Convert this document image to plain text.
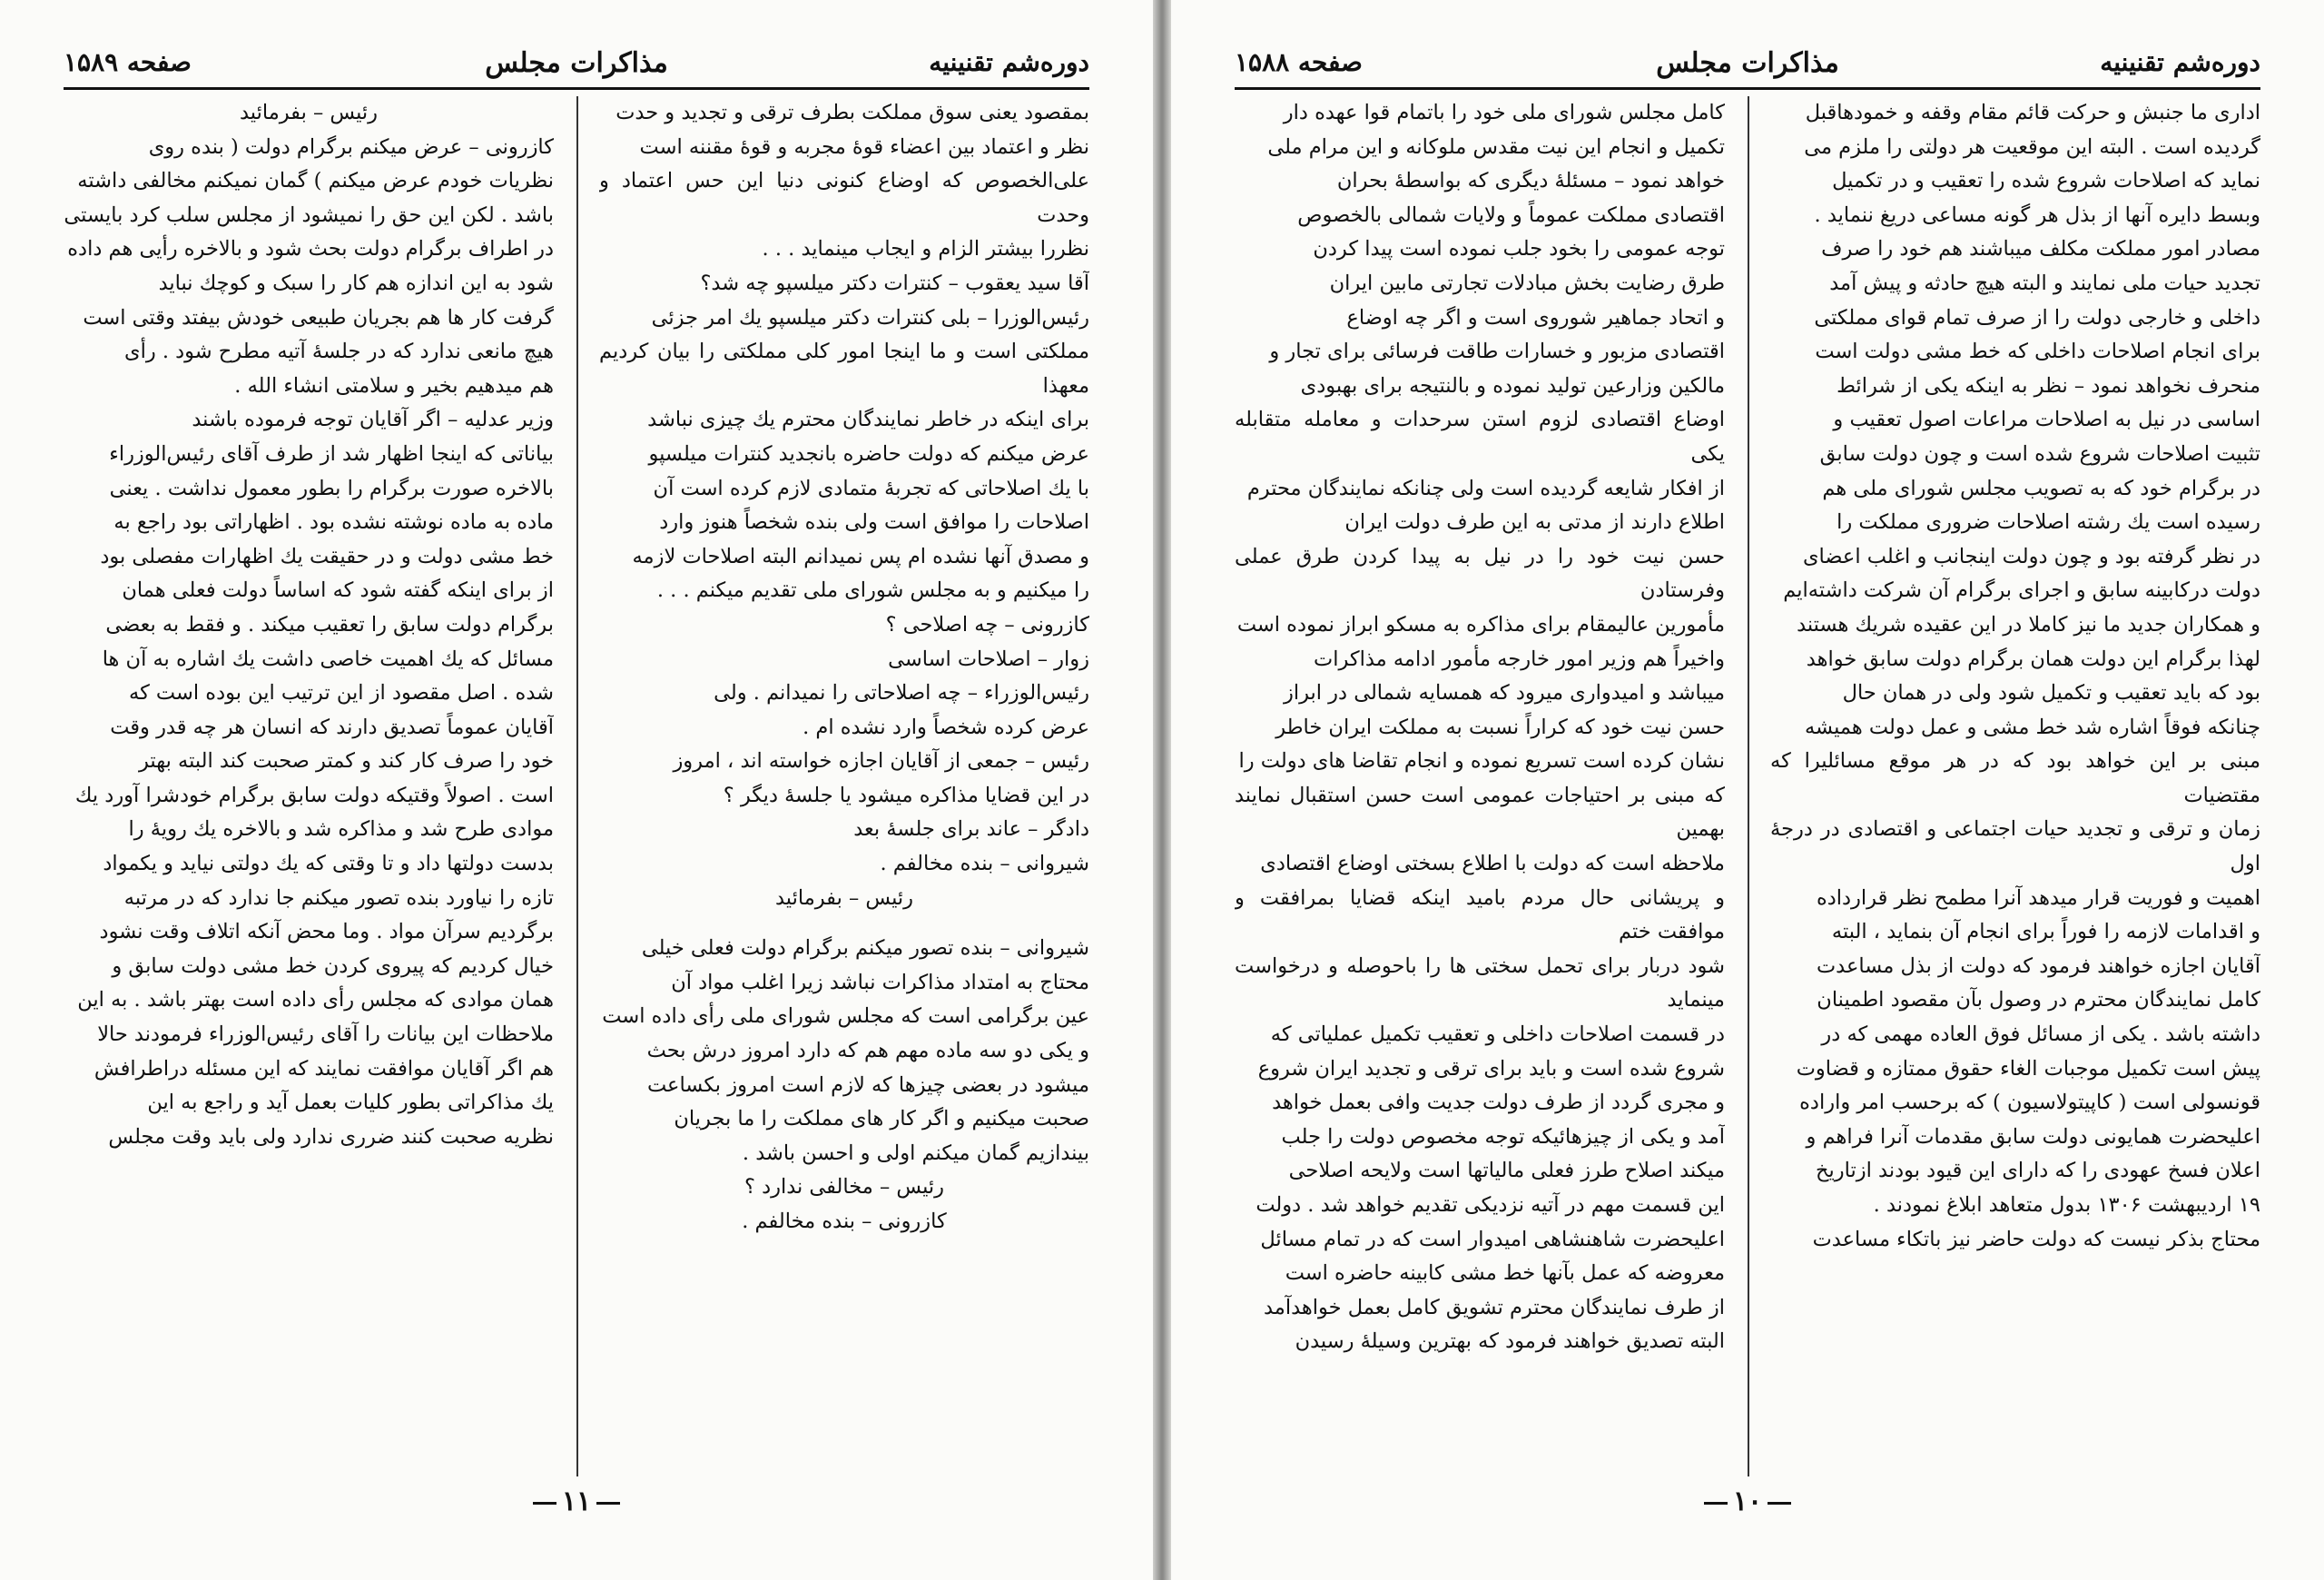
دوره‌شم تقنینیه
مذاکرات مجلس
صفحه ۱۵۸۹

بمقصود يعنی سوق مملکت بطرف ترقی و تجدید و حدت

نظر و اعتماد بین اعضاء قوهٔ مجربه و قوهٔ مقننه است

علی‌الخصوص که اوضاع کنونی دنیا این حس اعتماد و وحدت

نظررا بیشتر الزام و ایجاب مینماید . . .

آقا سید یعقوب – کنترات دکتر میلسپو چه شد؟

رئیس‌الوزرا – بلی کنترات دکتر میلسپو یك امر جزئی

مملکتی است و ما اینجا امور کلی مملکتی را بیان کردیم معهذا

برای اینکه در خاطر نمایندگان محترم یك چیزی نباشد

عرض میکنم که دولت حاضره بانجدید کنترات میلسپو

با یك اصلاحاتی که تجربهٔ متمادی لازم کرده است آن

اصلاحات را موافق است ولی بنده شخصاً هنوز وارد

و مصدق آنها نشده ام پس نمیدانم البته اصلاحات لازمه

را میکنیم و به مجلس شورای ملی تقدیم میکنم . . .

کازرونی – چه اصلاحی ؟

زوار – اصلاحات اساسی

رئیس‌الوزراء – چه اصلاحاتی را نمیدانم . ولی

عرض کرده شخصاً وارد نشده ام .

رئیس – جمعی از آقایان اجازه خواسته اند ، امروز

در این قضایا مذاکره میشود یا جلسهٔ دیگر ؟

دادگر – عاند برای جلسهٔ بعد

شیروانی – بنده مخالفم .

رئیس – بفرمائید

شیروانی – بنده تصور میکنم برگرام دولت فعلی خیلی

محتاج به امتداد مذاکرات نباشد زیرا اغلب مواد آن

عین برگرامی است که مجلس شورای ملی رأی داده است

و یکی دو سه ماده مهم هم که دارد امروز درش بحث

میشود در بعضی چیزها که لازم است امروز بکساعت

صحبت میکنیم و اگر کار های مملکت را ما بجریان

بیندازیم گمان میکنم اولی و احسن باشد .

رئیس – مخالفی ندارد ؟

کازرونی – بنده مخالفم .

رئیس – بفرمائید

کازرونی – عرض میکنم برگرام دولت ( بنده روی

نظریات خودم عرض میکنم ) گمان نمیکنم مخالفی داشته

باشد . لکن این حق را نمیشود از مجلس سلب کرد بایستی

در اطراف برگرام دولت بحث شود و بالاخره رأیی هم داده

شود به این اندازه هم کار را سبک و کوچك نباید

گرفت کار ها هم بجریان طبیعی خودش بیفتد وقتی است

هیچ مانعی ندارد که در جلسهٔ آتیه مطرح شود . رأی

هم میدهیم بخیر و سلامتی انشاء الله .

وزیر عدلیه – اگر آقایان توجه فرموده باشند

بیاناتی که اینجا اظهار شد از طرف آقای رئیس‌الوزراء

بالاخره صورت برگرام را بطور معمول نداشت . یعنی

ماده به ماده نوشته نشده بود . اظهاراتی بود راجع به

خط مشی دولت و در حقیقت یك اظهارات مفصلی بود

از برای اینکه گفته شود که اساساً دولت فعلی همان

برگرام دولت سابق را تعقیب میکند . و فقط به بعضی

مسائل که یك اهمیت خاصی داشت یك اشاره به آن ها

شده . اصل مقصود از این ترتیب این بوده است که

آقایان عموماً تصدیق دارند که انسان هر چه قدر وقت

خود را صرف کار کند و کمتر صحبت کند البته بهتر

است . اصولاً وقتیکه دولت سابق برگرام خودشرا آورد یك

موادی طرح شد و مذاکره شد و بالاخره یك رویهٔ را

بدست دولتها داد و تا وقتی که یك دولتی نیاید و یکمواد

تازه را نیاورد بنده تصور میکنم جا ندارد که در مرتبه

برگردیم سرآن مواد . وما محض آنکه اتلاف وقت نشود

خیال کردیم که پیروی کردن خط مشی دولت سابق و

همان موادی که مجلس رأی داده است بهتر باشد . به این

ملاحظات این بیانات را آقای رئیس‌الوزراء فرمودند حالا

هم اگر آقایان موافقت نمایند که این مسئله دراطرافش

یك مذاکراتی بطور کلیات بعمل آید و راجع به این

نظریه صحبت کنند ضرری ندارد ولی باید وقت مجلس

۱۱
دوره‌شم تقنینیه
مذاکرات مجلس
صفحه ۱۵۸۸

اداری ما جنبش و حرکت قائم مقام وقفه و خمودهاقبل

گردیده است . البته این موقعیت هر دولتی را ملزم می

نماید که اصلاحات شروع شده را تعقیب و در تکمیل

وبسط دایره آنها از بذل هر گونه مساعی دریغ ننماید .

مصادر امور مملکت مکلف میباشند هم خود را صرف

تجدید حیات ملی نمایند و البته هیچ حادثه و پیش آمد

داخلی و خارجی دولت را از صرف تمام قوای مملکتی

برای انجام اصلاحات داخلی که خط مشی دولت است

منحرف نخواهد نمود – نظر به اینکه یکی از شرائط

اساسی در نیل به اصلاحات مراعات اصول تعقیب و

تثبیت اصلاحات شروع شده است و چون دولت سابق

در برگرام خود که به تصویب مجلس شورای ملی هم

رسیده است یك رشته اصلاحات ضروری مملکت را

در نظر گرفته بود و چون دولت اینجانب و اغلب اعضای

دولت درکابینه سابق و اجرای برگرام آن شرکت داشته‌ایم

و همکاران جدید ما نیز کاملا در این عقیده شریك هستند

لهذا برگرام این دولت همان برگرام دولت سابق خواهد

بود که باید تعقیب و تکمیل شود ولی در همان حال

چنانکه فوقاً اشاره شد خط مشی و عمل دولت همیشه

مبنی بر این خواهد بود که در هر موقع مسائلیرا که مقتضیات

زمان و ترقی و تجدید حیات اجتماعی و اقتصادی در درجهٔ اول

اهمیت و فوریت قرار میدهد آنرا مطمح نظر قرارداده

و اقدامات لازمه را فوراً برای انجام آن بنماید ، البته

آقایان اجازه خواهند فرمود که دولت از بذل مساعدت

کامل نمایندگان محترم در وصول بآن مقصود اطمینان

داشته باشد . یکی از مسائل فوق العاده مهمی که در

پیش است تکمیل موجبات الغاء حقوق ممتازه و قضاوت

قونسولی است ( کاپیتولاسیون ) که برحسب امر واراده

اعلیحضرت همایونی دولت سابق مقدمات آنرا فراهم و

اعلان فسخ عهودی را که دارای این قیود بودند ازتاریخ

۱۹ اردیبهشت ۱۳۰۶ بدول متعاهد ابلاغ نمودند .

محتاج بذکر نیست که دولت حاضر نیز باتکاء مساعدت

کامل مجلس شورای ملی خود را باتمام قوا عهده دار

تکمیل و انجام این نیت مقدس ملوکانه و این مرام ملی

خواهد نمود – مسئلهٔ دیگری که بواسطهٔ بحران

اقتصادی مملکت عموماً و ولایات شمالی بالخصوص

توجه عمومی را بخود جلب نموده است پیدا کردن

طرق رضایت بخش مبادلات تجارتی مابین ایران

و اتحاد جماهیر شوروی است و اگر چه اوضاع

اقتصادی مزبور و خسارات طاقت فرسائی برای تجار و

مالکین وزارعین تولید نموده و بالنتیجه برای بهبودی

اوضاع اقتصادی لزوم استن سرحدات و معامله متقابله یکی

از افکار شایعه گردیده است ولی چنانکه نمایندگان محترم

اطلاع دارند از مدتی به این طرف دولت ایران

حسن نیت خود را در نیل به پیدا کردن طرق عملی وفرستادن

مأمورین عالیمقام برای مذاکره به مسکو ابراز نموده است

واخیراً هم وزیر امور خارجه مأمور ادامه مذاکرات

میباشد و امیدواری میرود که همسایه شمالی در ابراز

حسن نیت خود که کراراً نسبت به مملکت ایران خاطر

نشان کرده است تسریع نموده و انجام تقاضا های دولت را

که مبنی بر احتیاجات عمومی است حسن استقبال نمایند بهمین

ملاحظه است که دولت با اطلاع بسختی اوضاع اقتصادی

و پریشانی حال مردم بامید اینکه قضایا بمرافقت و موافقت ختم

شود دربار برای تحمل سختی ها را باحوصله و درخواست مینماید

در قسمت اصلاحات داخلی و تعقیب تکمیل عملیاتی که

شروع شده است و باید برای ترقی و تجدید ایران شروع

و مجری گردد از طرف دولت جدیت وافی بعمل خواهد

آمد و یکی از چیزهائیکه توجه مخصوص دولت را جلب

میکند اصلاح طرز فعلی مالیاتها است ولایحه اصلاحی

این قسمت مهم در آتیه نزدیکی تقدیم خواهد شد . دولت

اعلیحضرت شاهنشاهی امیدوار است که در تمام مسائل

معروضه که عمل بآنها خط مشی کابینه حاضره است

از طرف نمایندگان محترم تشویق کامل بعمل خواهدآمد

البته تصدیق خواهند فرمود که بهترین وسیلهٔ رسیدن

۱۰
